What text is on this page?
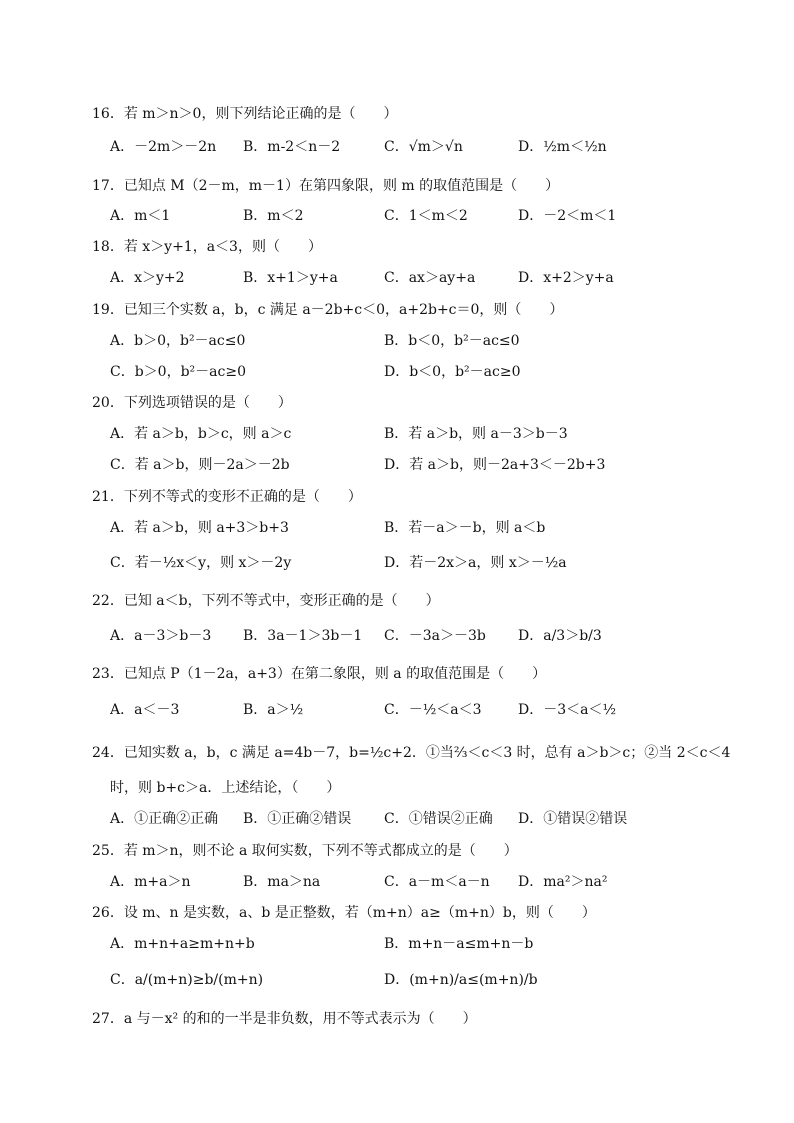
16．若 m＞n＞0，则下列结论正确的是（　　）
A．－2m＞－2n B．m-2＜n－2	C．√m＞√n	D．½m＜½n
17．已知点 M（2－m，m－1）在第四象限，则 m 的取值范围是（　　）
A．m＜1	B．m＜2	C．1＜m＜2	D．－2＜m＜1
18．若 x＞y+1，a＜3，则（　　）
A．x＞y+2	B．x+1＞y+a	C．ax＞ay+a	D．x+2＞y+a
19．已知三个实数 a，b，c 满足 a－2b+c＜0，a+2b+c＝0，则（　　）
A．b＞0，b²－ac≤0	B．b＜0，b²－ac≤0
C．b＞0，b²－ac≥0	D．b＜0，b²－ac≥0
20．下列选项错误的是（　　）
A．若 a＞b，b＞c，则 a＞c	B．若 a＞b，则 a－3＞b－3
C．若 a＞b，则－2a＞－2b	D．若 a＞b，则－2a+3＜－2b+3
21．下列不等式的变形不正确的是（　　）
A．若 a＞b，则 a+3＞b+3	B．若－a＞－b，则 a＜b
C．若－½x＜y，则 x＞－2y	D．若－2x＞a，则 x＞－½a
22．已知 a＜b，下列不等式中，变形正确的是（　　）
A．a－3＞b－3 B．3a－1＞3b－1 C．－3a＞－3b D．a/3＞b/3
23．已知点 P（1－2a，a+3）在第二象限，则 a 的取值范围是（　　）
A．a＜－3	B．a＞½	C．－½＜a＜3	D．－3＜a＜½
24．已知实数 a，b，c 满足 a=4b－7，b=½c+2．①当⅔＜c＜3 时，总有 a＞b＞c；②当 2＜c＜4
时，则 b+c＞a．上述结论，（　　）
A．①正确②正确 B．①正确②错误 C．①错误②正确 D．①错误②错误
25．若 m＞n，则不论 a 取何实数，下列不等式都成立的是（　　）
A．m+a＞n	B．ma＞na	C．a－m＜a－n D．ma²＞na²
26．设 m、n 是实数，a、b 是正整数，若（m+n）a≥（m+n）b，则（　　）
A．m+n+a≥m+n+b	B．m+n－a≤m+n－b
C．a/(m+n)≥b/(m+n)	D．(m+n)/a≤(m+n)/b
27．a 与－x² 的和的一半是非负数，用不等式表示为（　　）
